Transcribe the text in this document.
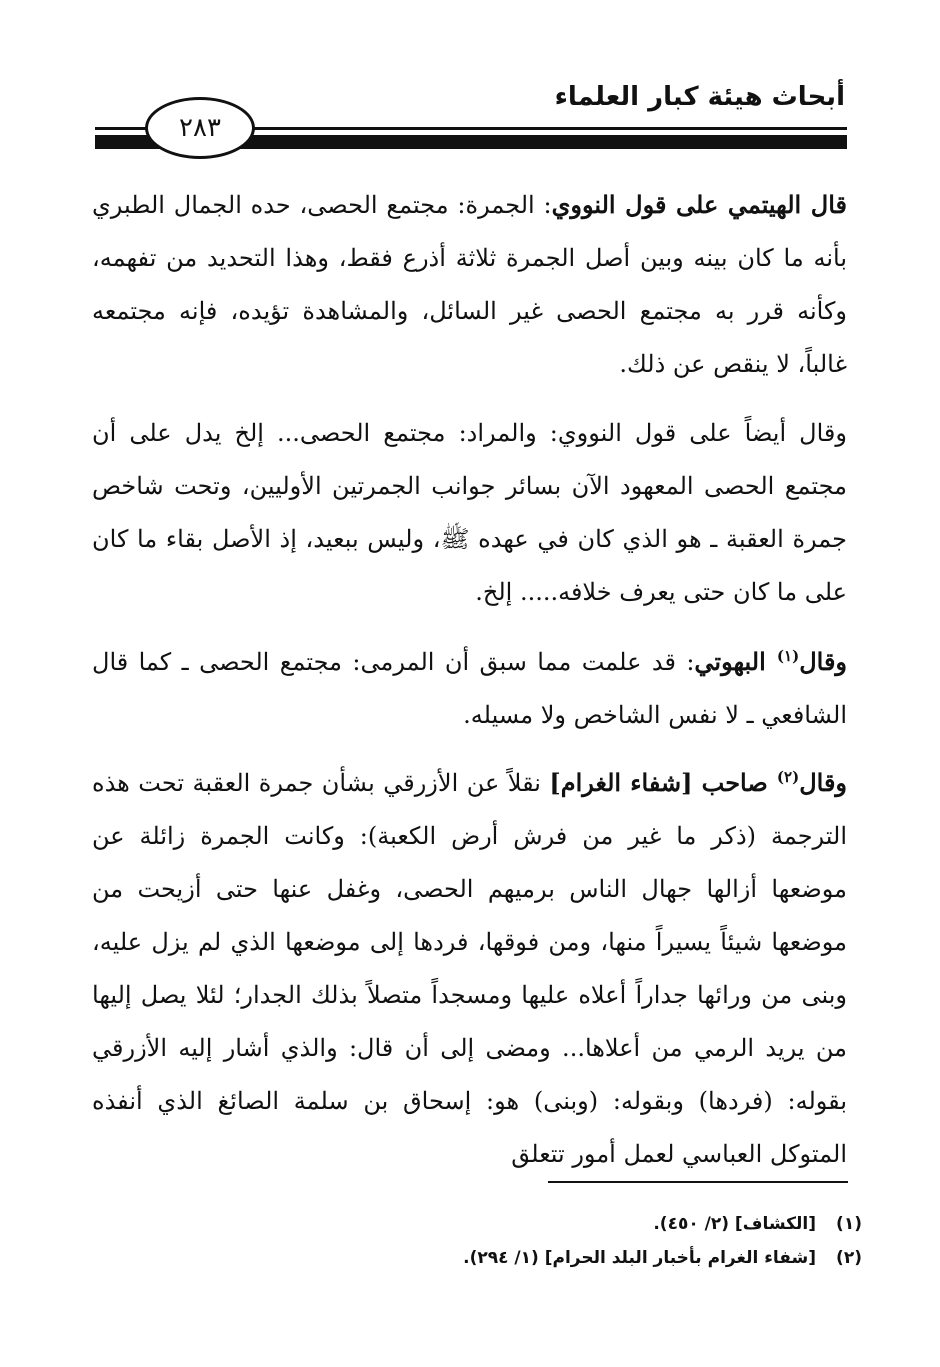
أبحاث هيئة كبار العلماء
٢٨٣

قال الهيتمي على قول النووي: الجمرة: مجتمع الحصى، حده الجمال الطبري بأنه ما كان بينه وبين أصل الجمرة ثلاثة أذرع فقط، وهذا التحديد من تفهمه، وكأنه قرر به مجتمع الحصى غير السائل، والمشاهدة تؤيده، فإنه مجتمعه غالباً، لا ينقص عن ذلك.

وقال أيضاً على قول النووي: والمراد: مجتمع الحصى... إلخ يدل على أن مجتمع الحصى المعهود الآن بسائر جوانب الجمرتين الأوليين، وتحت شاخص جمرة العقبة ـ هو الذي كان في عهده ﷺ، وليس ببعيد، إذ الأصل بقاء ما كان على ما كان حتى يعرف خلافه..... إلخ.

وقال$^{(١)}$ البهوتي: قد علمت مما سبق أن المرمى: مجتمع الحصى ـ كما قال الشافعي ـ لا نفس الشاخص ولا مسيله.

وقال$^{(٢)}$ صاحب [شفاء الغرام] نقلاً عن الأزرقي بشأن جمرة العقبة تحت هذه الترجمة (ذكر ما غير من فرش أرض الكعبة): وكانت الجمرة زائلة عن موضعها أزالها جهال الناس برميهم الحصى، وغفل عنها حتى أزيحت من موضعها شيئاً يسيراً منها، ومن فوقها، فردها إلى موضعها الذي لم يزل عليه، وبنى من ورائها جداراً أعلاه عليها ومسجداً متصلاً بذلك الجدار؛ لئلا يصل إليها من يريد الرمي من أعلاها... ومضى إلى أن قال: والذي أشار إليه الأزرقي بقوله: (فردها) وبقوله: (وبنى) هو: إسحاق بن سلمة الصائغ الذي أنفذه المتوكل العباسي لعمل أمور تتعلق

(١)[الكشاف] (٢/ ٤٥٠).
(٢)[شفاء الغرام بأخبار البلد الحرام] (١/ ٢٩٤).
